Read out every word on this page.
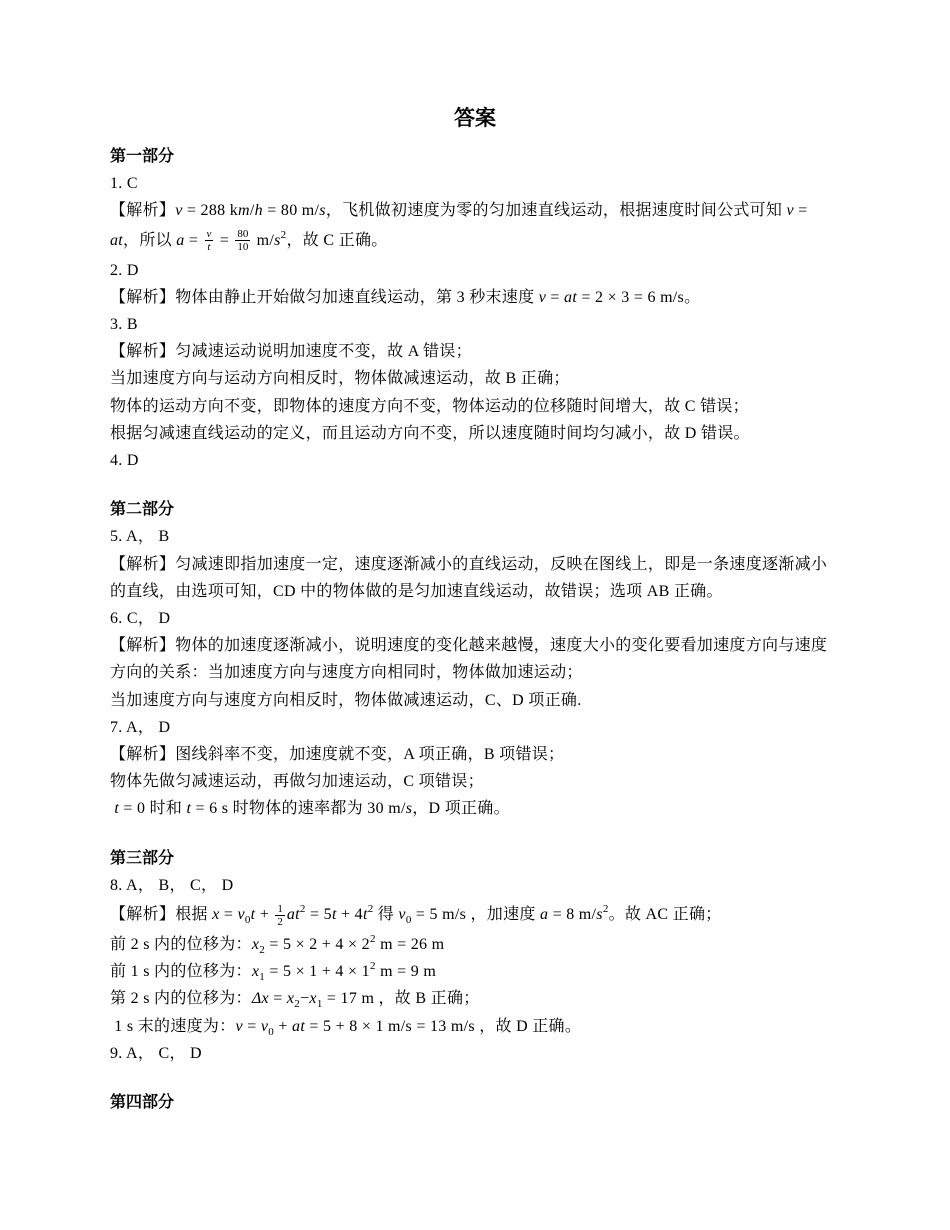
答案
第一部分
1. C
【解析】v = 288 km/h = 80 m/s，飞机做初速度为零的匀加速直线运动，根据速度时间公式可知 v =
at，所以 $a = \frac{v}{t} = \frac{80}{10} m/s^2$，故 C 正确。
2. D
【解析】物体由静止开始做匀加速直线运动，第 3 秒末速度 v = at = 2 × 3 = 6 m/s。
3. B
【解析】匀减速运动说明加速度不变，故 A 错误；
当加速度方向与运动方向相反时，物体做减速运动，故 B 正确；
物体的运动方向不变，即物体的速度方向不变，物体运动的位移随时间增大，故 C 错误；
根据匀减速直线运动的定义，而且运动方向不变，所以速度随时间均匀减小，故 D 错误。
4. D
第二部分
5. A， B
【解析】匀减速即指加速度一定，速度逐渐减小的直线运动，反映在图线上，即是一条速度逐渐减小
的直线，由选项可知，CD 中的物体做的是匀加速直线运动，故错误；选项 AB 正确。
6. C， D
【解析】物体的加速度逐渐减小，说明速度的变化越来越慢，速度大小的变化要看加速度方向与速度
方向的关系：当加速度方向与速度方向相同时，物体做加速运动；
当加速度方向与速度方向相反时，物体做减速运动，C、D 项正确.
7. A， D
【解析】图线斜率不变，加速度就不变，A 项正确，B 项错误；
物体先做匀减速运动，再做匀加速运动，C 项错误；
t = 0 时和 t = 6 s 时物体的速率都为 30 m/s，D 项正确。
第三部分
8. A， B， C， D
【解析】根据 $x = v_0t + \frac{1}{2} at^2 = 5t + 4t^2$ 得 $v_0 = 5$ m/s ，加速度 a = 8 $m/s^2$。故 AC 正确；
前 2 s 内的位移为：$x_2 = 5 \times 2 + 4 \times 2^2$ m = 26 m
前 1 s 内的位移为：$x_1 = 5 \times 1 + 4 \times 1^2$ m = 9 m
第 2 s 内的位移为：$\Delta x = x_2-x_1 = 17$ m ，故 B 正确；
1 s 末的速度为：$v = v_0$ + at = 5 + 8 × 1 m/s = 13 m/s ，故 D 正确。
9. A， C， D
第四部分
